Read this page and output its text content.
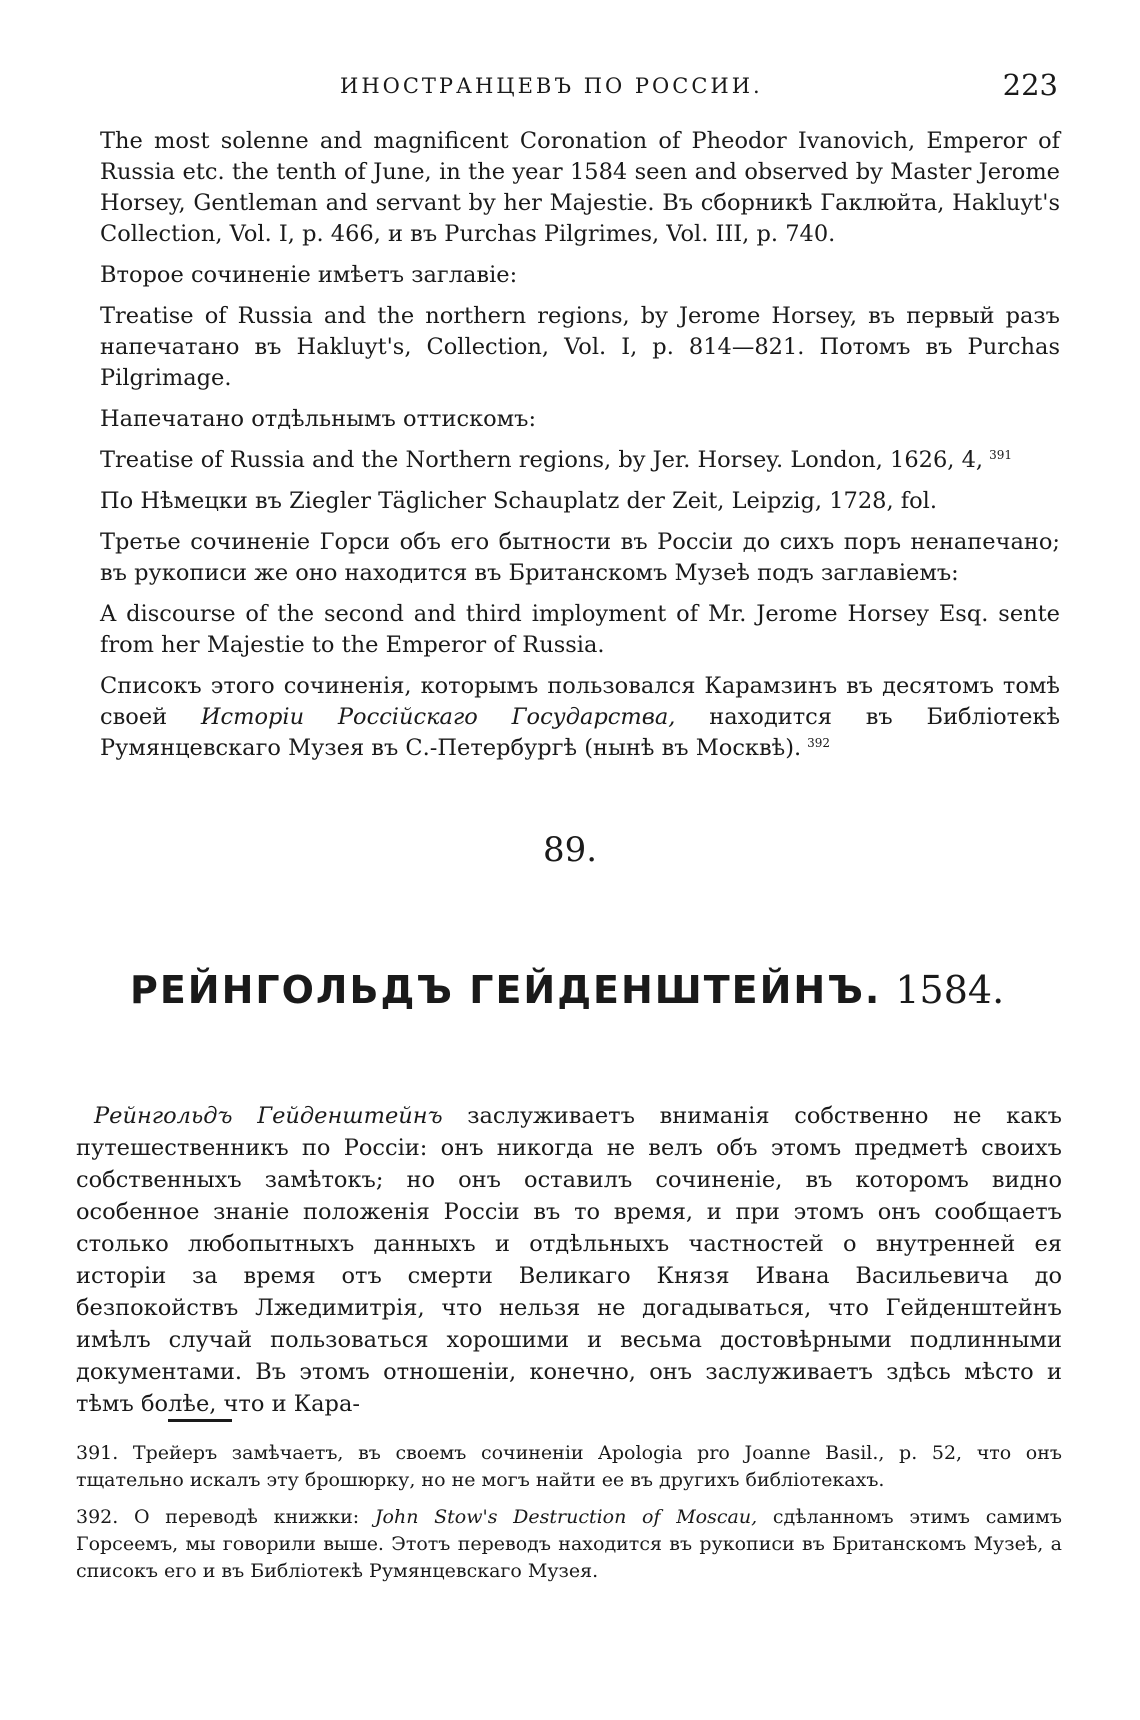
ИНОСТРАНЦЕВЪ ПО РОССИИ.	223

The most solenne and magnificent Coronation of Pheodor Ivanovich, Emperor of Russia etc. the tenth of June, in the year 1584 seen and observed by Master Jerome Horsey, Gentleman and servant by her Majestie. Въ сборникѣ Гаклюйта, Hakluyt's Collection, Vol. I, p. 466, и въ Purchas Pilgrimes, Vol. III, p. 740.

Второе сочиненіе имѣетъ заглавіе:

Treatise of Russia and the northern regions, by Jerome Horsey, въ первый разъ напечатано въ Hakluyt's, Collection, Vol. I, p. 814—821. Потомъ въ Purchas Pilgrimage.

Напечатано отдѣльнымъ оттискомъ:

Treatise of Russia and the Northern regions, by Jer. Horsey. London, 1626, 4, $^{391}$

По Нѣмецки въ Ziegler Täglicher Schauplatz der Zeit, Leipzig, 1728, fol.

Третье сочиненіе Горси объ его бытности въ Россіи до сихъ поръ ненапечано; въ рукописи же оно находится въ Британскомъ Музеѣ подъ заглавіемъ:

A discourse of the second and third imployment of Mr. Jerome Horsey Esq. sente from her Majestie to the Emperor of Russia.

Списокъ этого сочиненія, которымъ пользовался Карамзинъ въ десятомъ томѣ своей Исторіи Россійскаго Государства, находится въ Библіотекѣ Румянцевскаго Музея въ С.-Петербургѣ (нынѣ въ Москвѣ). $^{392}$

89.
РЕЙНГОЛЬДЪ ГЕЙДЕНШТЕЙНЪ. 1584.

Рейнгольдъ Гейденштейнъ заслуживаетъ вниманія собственно не какъ путешественникъ по Россіи: онъ никогда не велъ объ этомъ предметѣ своихъ собственныхъ замѣтокъ; но онъ оставилъ сочиненіе, въ которомъ видно особенное знаніе положенія Россіи въ то время, и при этомъ онъ сообщаетъ столько любопытныхъ данныхъ и отдѣльныхъ частностей о внутренней ея исторіи за время отъ смерти Великаго Князя Ивана Васильевича до безпокойствъ Лжедимитрія, что нельзя не догадываться, что Гейденштейнъ имѣлъ случай пользоваться хорошими и весьма достовѣрными подлинными документами. Въ этомъ отношеніи, конечно, онъ заслуживаетъ здѣсь мѣсто и тѣмъ болѣе, что и Кара-

391. Трейеръ замѣчаетъ, въ своемъ сочиненіи Apologia pro Joanne Basil., p. 52, что онъ тщательно искалъ эту брошюрку, но не могъ найти ее въ другихъ библіотекахъ.

392. О переводѣ книжки: John Stow's Destruction of Moscau, сдѣланномъ этимъ самимъ Горсеемъ, мы говорили выше. Этотъ переводъ находится въ рукописи въ Британскомъ Музеѣ, а списокъ его и въ Библіотекѣ Румянцевскаго Музея.
